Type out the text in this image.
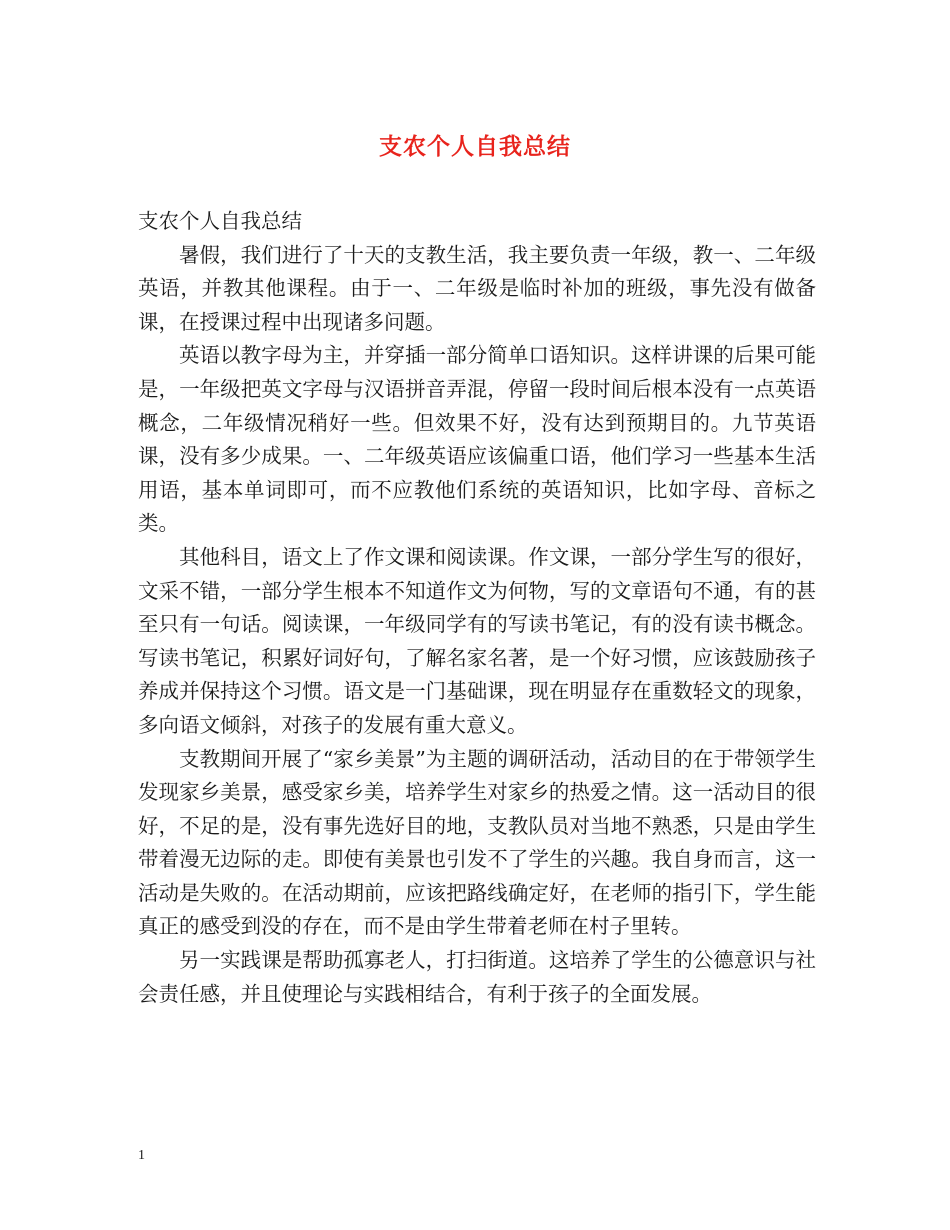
支农个人自我总结

支农个人自我总结

暑假，我们进行了十天的支教生活，我主要负责一年级，教一、二年级英语，并教其他课程。由于一、二年级是临时补加的班级，事先没有做备课，在授课过程中出现诸多问题。

英语以教字母为主，并穿插一部分简单口语知识。这样讲课的后果可能是，一年级把英文字母与汉语拼音弄混，停留一段时间后根本没有一点英语概念，二年级情况稍好一些。但效果不好，没有达到预期目的。九节英语课，没有多少成果。一、二年级英语应该偏重口语，他们学习一些基本生活用语，基本单词即可，而不应教他们系统的英语知识，比如字母、音标之类。

其他科目，语文上了作文课和阅读课。作文课，一部分学生写的很好，文采不错，一部分学生根本不知道作文为何物，写的文章语句不通，有的甚至只有一句话。阅读课，一年级同学有的写读书笔记，有的没有读书概念。写读书笔记，积累好词好句，了解名家名著，是一个好习惯，应该鼓励孩子养成并保持这个习惯。语文是一门基础课，现在明显存在重数轻文的现象，多向语文倾斜，对孩子的发展有重大意义。

支教期间开展了“家乡美景”为主题的调研活动，活动目的在于带领学生发现家乡美景，感受家乡美，培养学生对家乡的热爱之情。这一活动目的很好，不足的是，没有事先选好目的地，支教队员对当地不熟悉，只是由学生带着漫无边际的走。即使有美景也引发不了学生的兴趣。我自身而言，这一活动是失败的。在活动期前，应该把路线确定好，在老师的指引下，学生能真正的感受到没的存在，而不是由学生带着老师在村子里转。

另一实践课是帮助孤寡老人，打扫街道。这培养了学生的公德意识与社会责任感，并且使理论与实践相结合，有利于孩子的全面发展。

1
